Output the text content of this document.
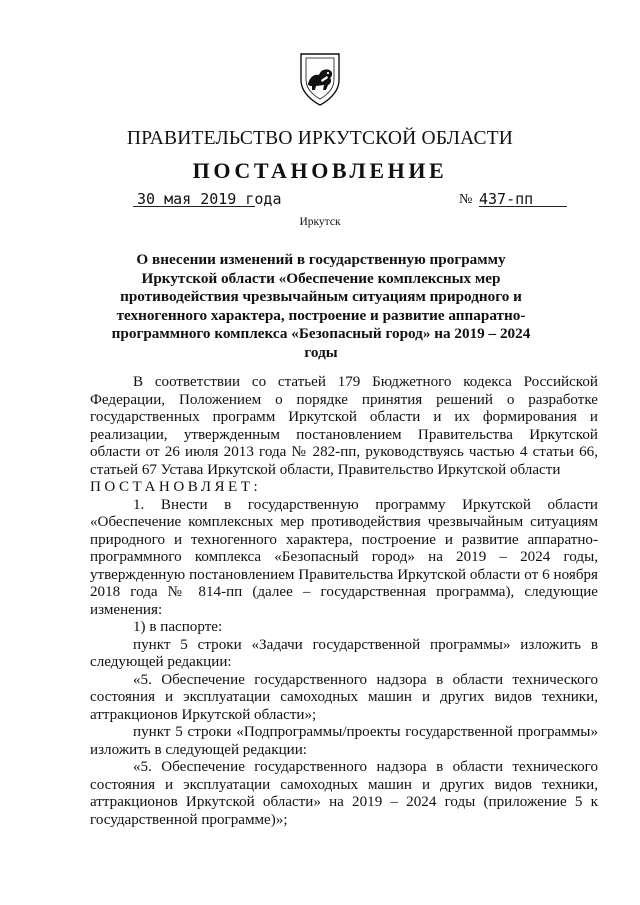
ПРАВИТЕЛЬСТВО ИРКУТСКОЙ ОБЛАСТИ
ПОСТАНОВЛЕНИЕ
30 мая 2019 года	№ 437-пп
Иркутск
О внесении изменений в государственную программу Иркутской области «Обеспечение комплексных мер противодействия чрезвычайным ситуациям природного и техногенного характера, построение и развитие аппаратно-программного комплекса «Безопасный город» на 2019 – 2024 годы

В соответствии со статьей 179 Бюджетного кодекса Российской Федерации, Положением о порядке принятия решений о разработке государственных программ Иркутской области и их формирования и реализации, утвержденным постановлением Правительства Иркутской области от 26 июля 2013 года № 282-пп, руководствуясь частью 4 статьи 66, статьей 67 Устава Иркутской области, Правительство Иркутской области

ПОСТАНОВЛЯЕТ:

1. Внести в государственную программу Иркутской области «Обеспечение комплексных мер противодействия чрезвычайным ситуациям природного и техногенного характера, построение и развитие аппаратно-программного комплекса «Безопасный город» на 2019 – 2024 годы, утвержденную постановлением Правительства Иркутской области от 6 ноября 2018 года № 814-пп (далее – государственная программа), следующие изменения:

1) в паспорте:

пункт 5 строки «Задачи государственной программы» изложить в следующей редакции:

«5. Обеспечение государственного надзора в области технического состояния и эксплуатации самоходных машин и других видов техники, аттракционов Иркутской области»;

пункт 5 строки «Подпрограммы/проекты государственной программы» изложить в следующей редакции:

«5. Обеспечение государственного надзора в области технического состояния и эксплуатации самоходных машин и других видов техники, аттракционов Иркутской области» на 2019 – 2024 годы (приложение 5 к государственной программе)»;
